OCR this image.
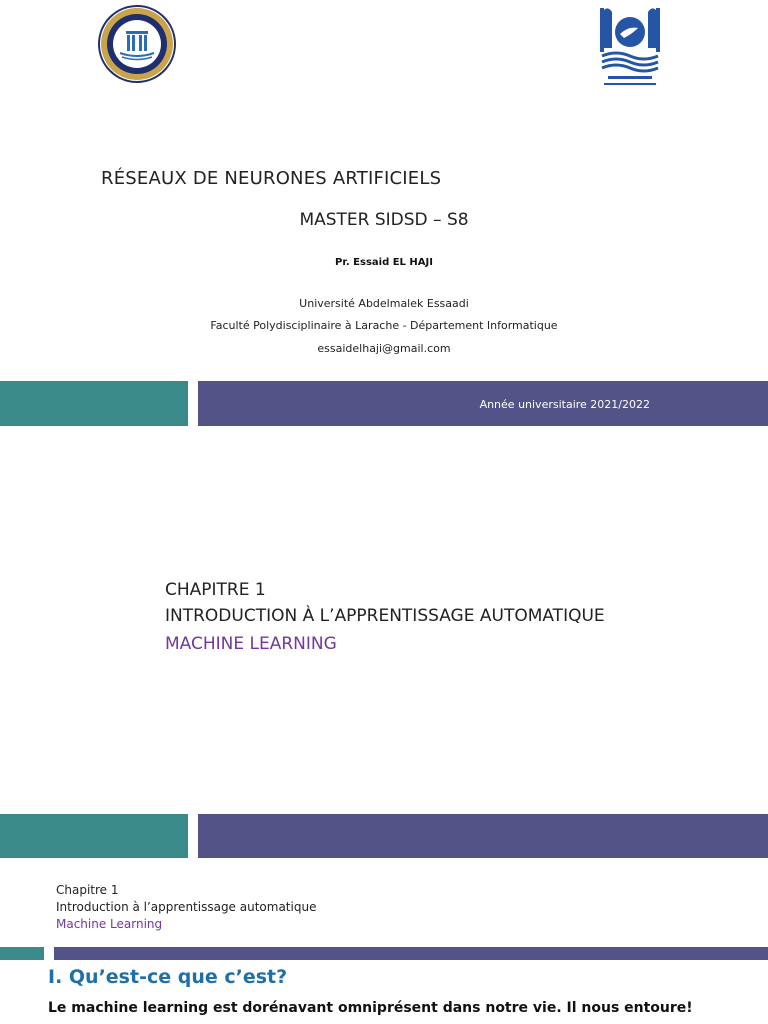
RÉSEAUX DE NEURONES ARTIFICIELS
MASTER SIDSD – S8
Pr. Essaid EL HAJI
Université Abdelmalek Essaadi
Faculté Polydisciplinaire à Larache - Département Informatique
essaidelhaji@gmail.com
Année universitaire 2021/2022
CHAPITRE 1
INTRODUCTION À L’APPRENTISSAGE AUTOMATIQUE
MACHINE LEARNING
Chapitre 1
Introduction à l’apprentissage automatique
Machine Learning
I. Qu’est-ce que c’est?
Le machine learning est dorénavant omniprésent dans notre vie. Il nous entoure!
